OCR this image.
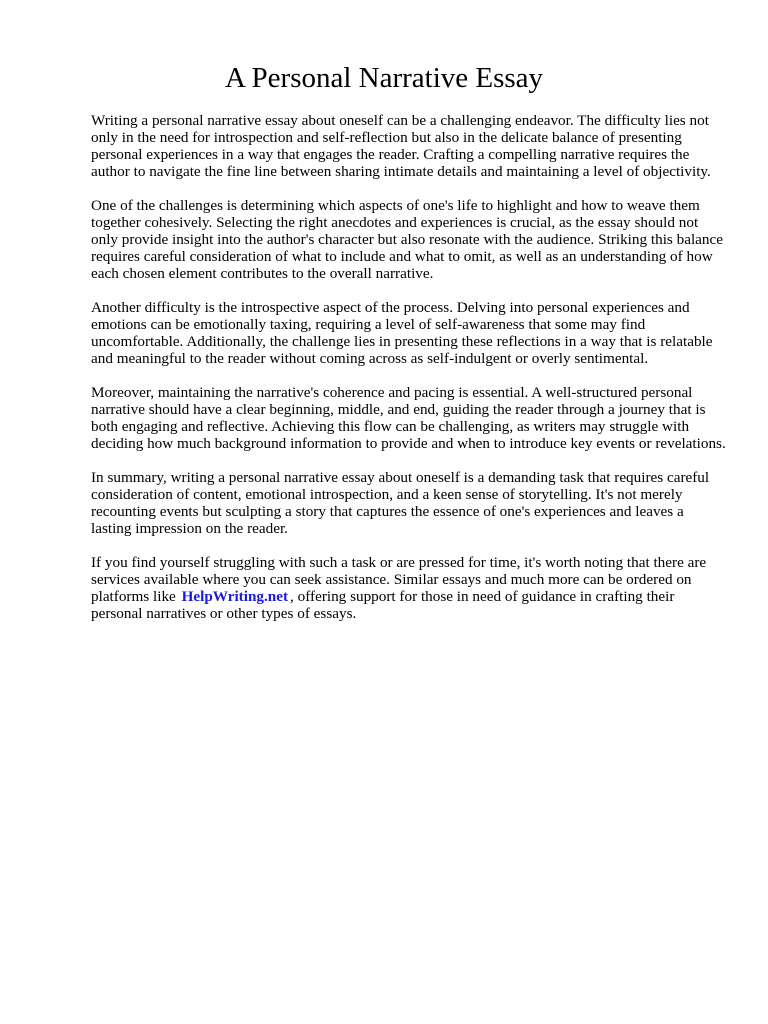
A Personal Narrative Essay

Writing a personal narrative essay about oneself can be a challenging endeavor. The difficulty lies not only in the need for introspection and self-reflection but also in the delicate balance of presenting personal experiences in a way that engages the reader. Crafting a compelling narrative requires the author to navigate the fine line between sharing intimate details and maintaining a level of objectivity.

One of the challenges is determining which aspects of one's life to highlight and how to weave them together cohesively. Selecting the right anecdotes and experiences is crucial, as the essay should not only provide insight into the author's character but also resonate with the audience. Striking this balance requires careful consideration of what to include and what to omit, as well as an understanding of how each chosen element contributes to the overall narrative.

Another difficulty is the introspective aspect of the process. Delving into personal experiences and emotions can be emotionally taxing, requiring a level of self-awareness that some may find uncomfortable. Additionally, the challenge lies in presenting these reflections in a way that is relatable and meaningful to the reader without coming across as self-indulgent or overly sentimental.

Moreover, maintaining the narrative's coherence and pacing is essential. A well-structured personal narrative should have a clear beginning, middle, and end, guiding the reader through a journey that is both engaging and reflective. Achieving this flow can be challenging, as writers may struggle with deciding how much background information to provide and when to introduce key events or revelations.

In summary, writing a personal narrative essay about oneself is a demanding task that requires careful consideration of content, emotional introspection, and a keen sense of storytelling. It's not merely recounting events but sculpting a story that captures the essence of one's experiences and leaves a lasting impression on the reader.

If you find yourself struggling with such a task or are pressed for time, it's worth noting that there are services available where you can seek assistance. Similar essays and much more can be ordered on platforms like HelpWriting.net , offering support for those in need of guidance in crafting their personal narratives or other types of essays.
